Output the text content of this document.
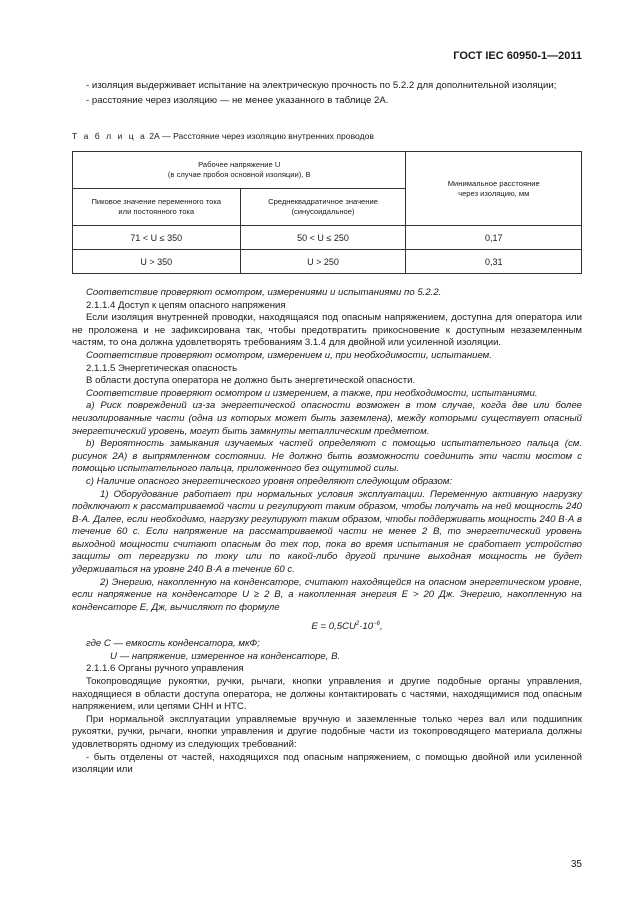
ГОСТ IEC 60950-1—2011

- изоляция выдерживает испытание на электрическую прочность по 5.2.2 для дополнительной изоляции;

- расстояние через изоляцию — не менее указанного в таблице 2А.

Т а б л и ц а 2А — Расстояние через изоляцию внутренних проводов
Рабочее напряжение U
(в случае пробоя основной изоляции), В		Минимальное расстояние
через изоляцию, мм
Пиковое значение переменного тока
или постоянного тока	Среднеквадратичное значение
(синусоидальное)	
71 < U ≤ 350	50 < U ≤ 250	0,17
U > 350	U > 250	0,31

Соответствие проверяют осмотром, измерениями и испытаниями по 5.2.2.

2.1.1.4 Доступ к цепям опасного напряжения

Если изоляция внутренней проводки, находящаяся под опасным напряжением, доступна для оператора или не проложена и не зафиксирована так, чтобы предотвратить прикосновение к доступным незаземленным частям, то она должна удовлетворять требованиям 3.1.4 для двойной или усиленной изоляции.

Соответствие проверяют осмотром, измерением и, при необходимости, испытанием.

2.1.1.5 Энергетическая опасность

В области доступа оператора не должно быть энергетической опасности.

Соответствие проверяют осмотром и измерением, а также, при необходимости, испытаниями.

a) Риск повреждений из-за энергетической опасности возможен в том случае, когда две или более неизолированные части (одна из которых может быть заземлена), между которыми существует опасный энергетический уровень, могут быть замкнуты металлическим предметом.

b) Вероятность замыкания изучаемых частей определяют с помощью испытательного пальца (см. рисунок 2А) в выпрямленном состоянии. Не должно быть возможности соединить эти части мостом с помощью испытательного пальца, приложенного без ощутимой силы.

c) Наличие опасного энергетического уровня определяют следующим образом:

1) Оборудование работает при нормальных условия эксплуатации. Переменную активную нагрузку подключают к рассматриваемой части и регулируют таким образом, чтобы получать на ней мощность 240 В·А. Далее, если необходимо, нагрузку регулируют таким образом, чтобы поддерживать мощность 240 В·А в течение 60 с. Если напряжение на рассматриваемой части не менее 2 В, то энергетический уровень выходной мощности считают опасным до тех пор, пока во время испытания не сработает устройство защиты от перегрузки по току или по какой-либо другой причине выходная мощность не будет удерживаться на уровне 240 В·А в течение 60 с.

2) Энергию, накопленную на конденсаторе, считают находящейся на опасном энергетическом уровне, если напряжение на конденсаторе U ≥ 2 В, а накопленная энергия E > 20 Дж. Энергию, накопленную на конденсаторе E, Дж, вычисляют по формуле

$E = 0,5CU^2\cdot 10^{-6}$,

где C — емкость конденсатора, мкФ;

U — напряжение, измеренное на конденсаторе, В.

2.1.1.6 Органы ручного управления

Токопроводящие рукоятки, ручки, рычаги, кнопки управления и другие подобные органы управления, находящиеся в области доступа оператора, не должны контактировать с частями, находящимися под опасным напряжением, или цепями СНН и НТС.

При нормальной эксплуатации управляемые вручную и заземленные только через вал или подшипник рукоятки, ручки, рычаги, кнопки управления и другие подобные части из токопроводящего материала должны удовлетворять одному из следующих требований:

- быть отделены от частей, находящихся под опасным напряжением, с помощью двойной или усиленной изоляции или

35
